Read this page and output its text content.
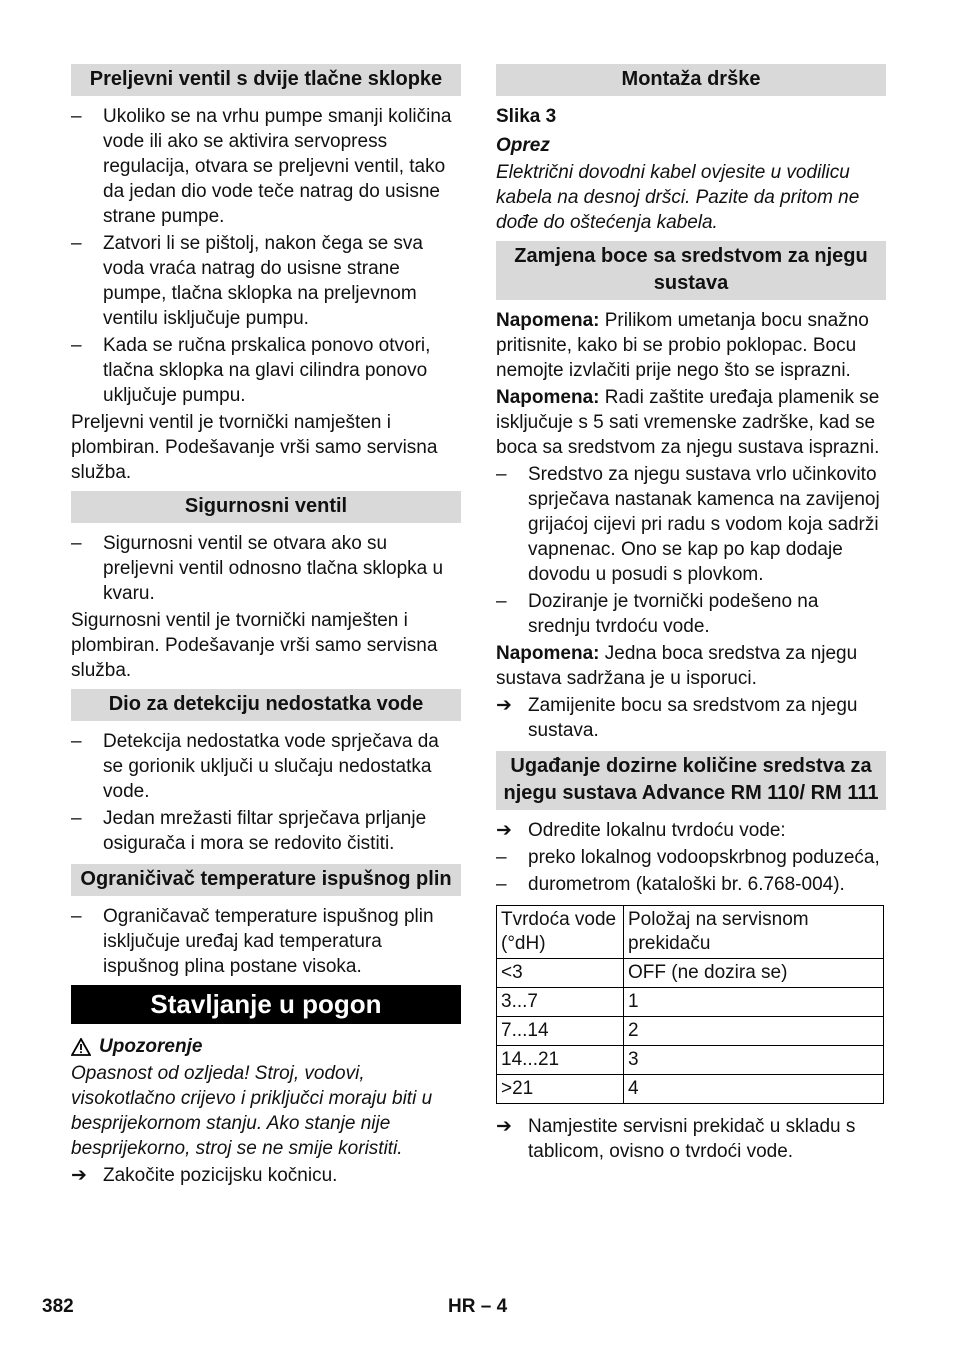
Preljevni ventil s dvije tlačne sklopke
– Ukoliko se na vrhu pumpe smanji količina vode ili ako se aktivira servopress regulacija, otvara se preljevni ventil, tako da jedan dio vode teče natrag do usisne strane pumpe.
– Zatvori li se pištolj, nakon čega se sva voda vraća natrag do usisne strane pumpe, tlačna sklopka na preljevnom ventilu isključuje pumpu.
– Kada se ručna prskalica ponovo otvori, tlačna sklopka na glavi cilindra ponovo uključuje pumpu.

Preljevni ventil je tvornički namješten i plombiran. Podešavanje vrši samo servisna služba.

Sigurnosni ventil
– Sigurnosni ventil se otvara ako su preljevni ventil odnosno tlačna sklopka u kvaru.

Sigurnosni ventil je tvornički namješten i plombiran. Podešavanje vrši samo servisna služba.

Dio za detekciju nedostatka vode
– Detekcija nedostatka vode sprječava da se gorionik uključi u slučaju nedostatka vode.
– Jedan mrežasti filtar sprječava prljanje osigurača i mora se redovito čistiti.
Ograničivač temperature ispušnog plin
– Ograničavač temperature ispušnog plin isključuje uređaj kad temperatura ispušnog plina postane visoka.
Stavljanje u pogon

Upozorenje

Opasnost od ozljeda! Stroj, vodovi, visokotlačno crijevo i priključci moraju biti u besprijekornom stanju. Ako stanje nije besprijekorno, stroj se ne smije koristiti.

➔ Zakočite pozicijsku kočnicu.
Montaža drške

Slika 3

Oprez

Električni dovodni kabel ovjesite u vodilicu kabela na desnoj dršci. Pazite da pritom ne dođe do oštećenja kabela.

Zamjena boce sa sredstvom za njegu sustava

Napomena: Prilikom umetanja bocu snažno pritisnite, kako bi se probio poklopac. Bocu nemojte izvlačiti prije nego što se isprazni.

Napomena: Radi zaštite uređaja plamenik se isključuje s 5 sati vremenske zadrške, kad se boca sa sredstvom za njegu sustava isprazni.

– Sredstvo za njegu sustava vrlo učinkovito sprječava nastanak kamenca na zavijenoj grijaćoj cijevi pri radu s vodom koja sadrži vapnenac. Ono se kap po kap dodaje dovodu u posudi s plovkom.
– Doziranje je tvornički podešeno na srednju tvrdoću vode.

Napomena: Jedna boca sredstva za njegu sustava sadržana je u isporuci.

➔ Zamijenite bocu sa sredstvom za njegu sustava.
Ugađanje dozirne količine sredstva za njegu sustava Advance RM 110/ RM 111
➔ Odredite lokalnu tvrdoću vode:
– preko lokalnog vodoopskrbnog poduzeća,
– durometrom (kataloški br. 6.768-004).
Tvrdoća vode (°dH)	Položaj na servisnom prekidaču
<3	OFF (ne dozira se)
3...7	1
7...14	2
14...21	3
>21	4
➔ Namjestite servisni prekidač u skladu s tablicom, ovisno o tvrdoći vode.
382	HR – 4
